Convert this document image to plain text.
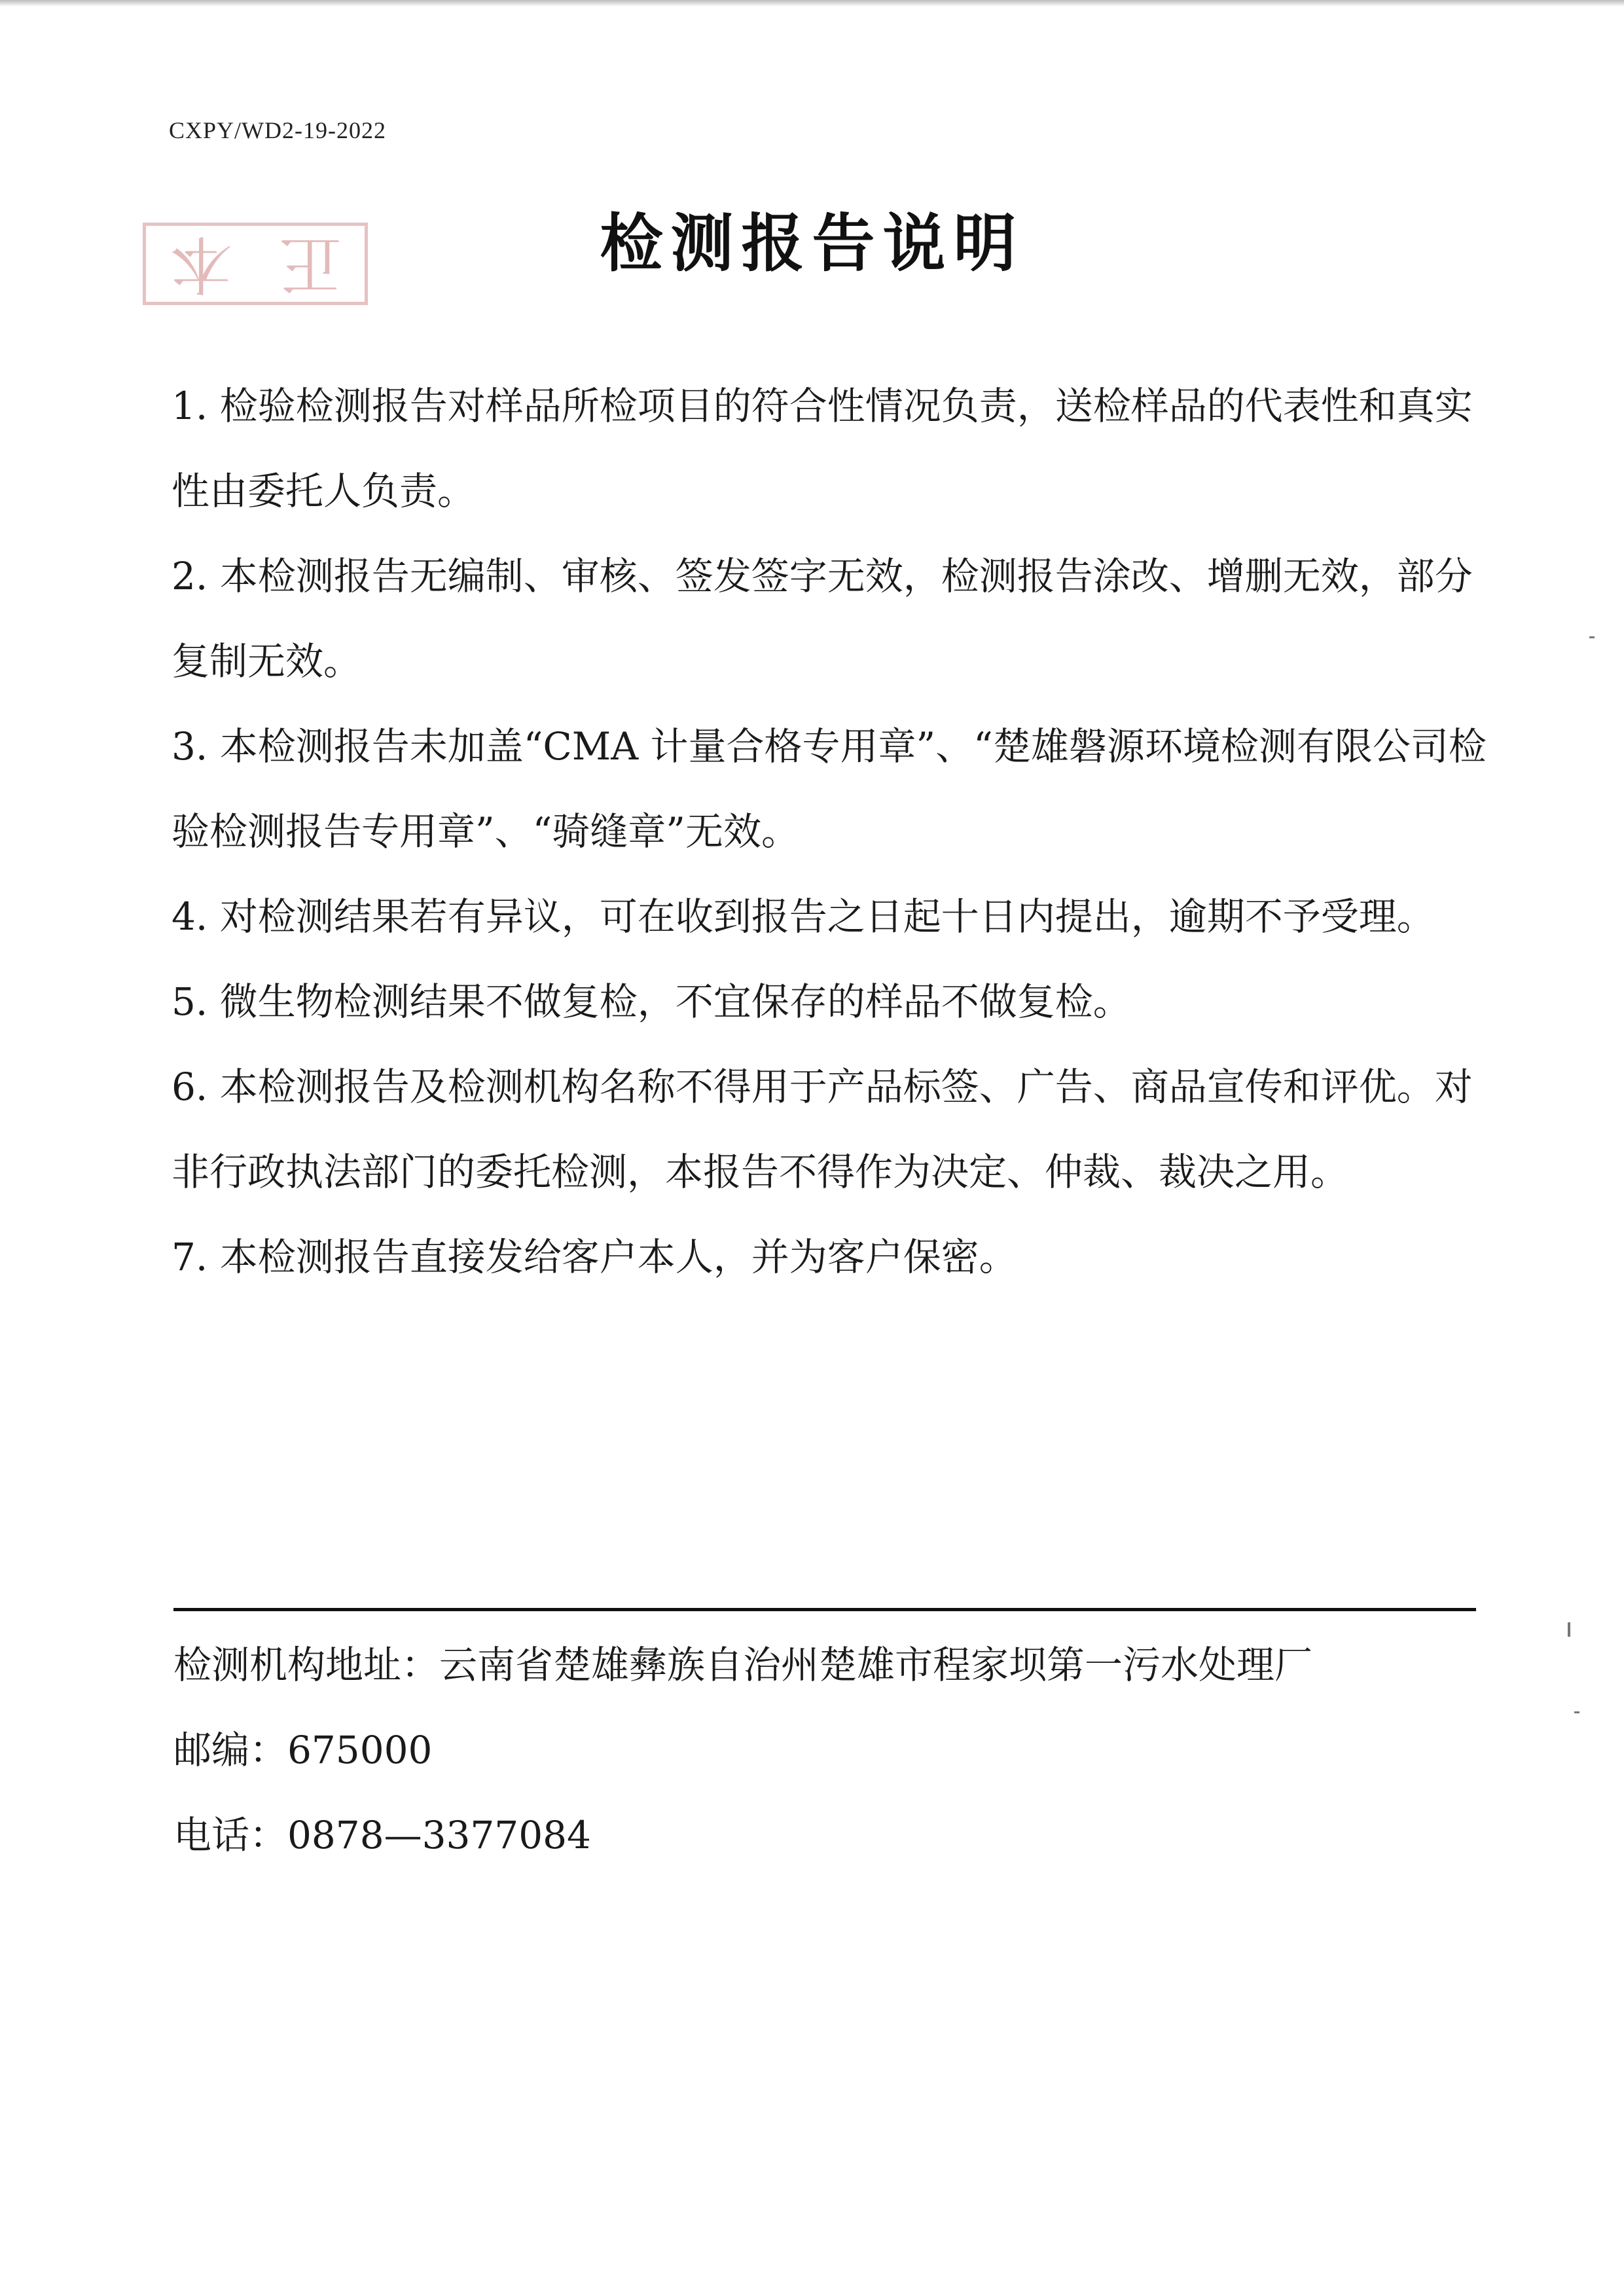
CXPY/WD2-19-2022
本 正	检测报告说明
1. 检验检测报告对样品所检项目的符合性情况负责，送检样品的代表性和真实性由委托人负责。
2. 本检测报告无编制、审核、签发签字无效，检测报告涂改、增删无效，部分复制无效。
3. 本检测报告未加盖“CMA 计量合格专用章”、“楚雄磐源环境检测有限公司检验检测报告专用章”、“骑缝章”无效。
4. 对检测结果若有异议，可在收到报告之日起十日内提出，逾期不予受理。
5. 微生物检测结果不做复检，不宜保存的样品不做复检。
6. 本检测报告及检测机构名称不得用于产品标签、广告、商品宣传和评优。对非行政执法部门的委托检测，本报告不得作为决定、仲裁、裁决之用。
7. 本检测报告直接发给客户本人，并为客户保密。
检测机构地址：云南省楚雄彝族自治州楚雄市程家坝第一污水处理厂
邮编：675000
电话：0878—3377084
